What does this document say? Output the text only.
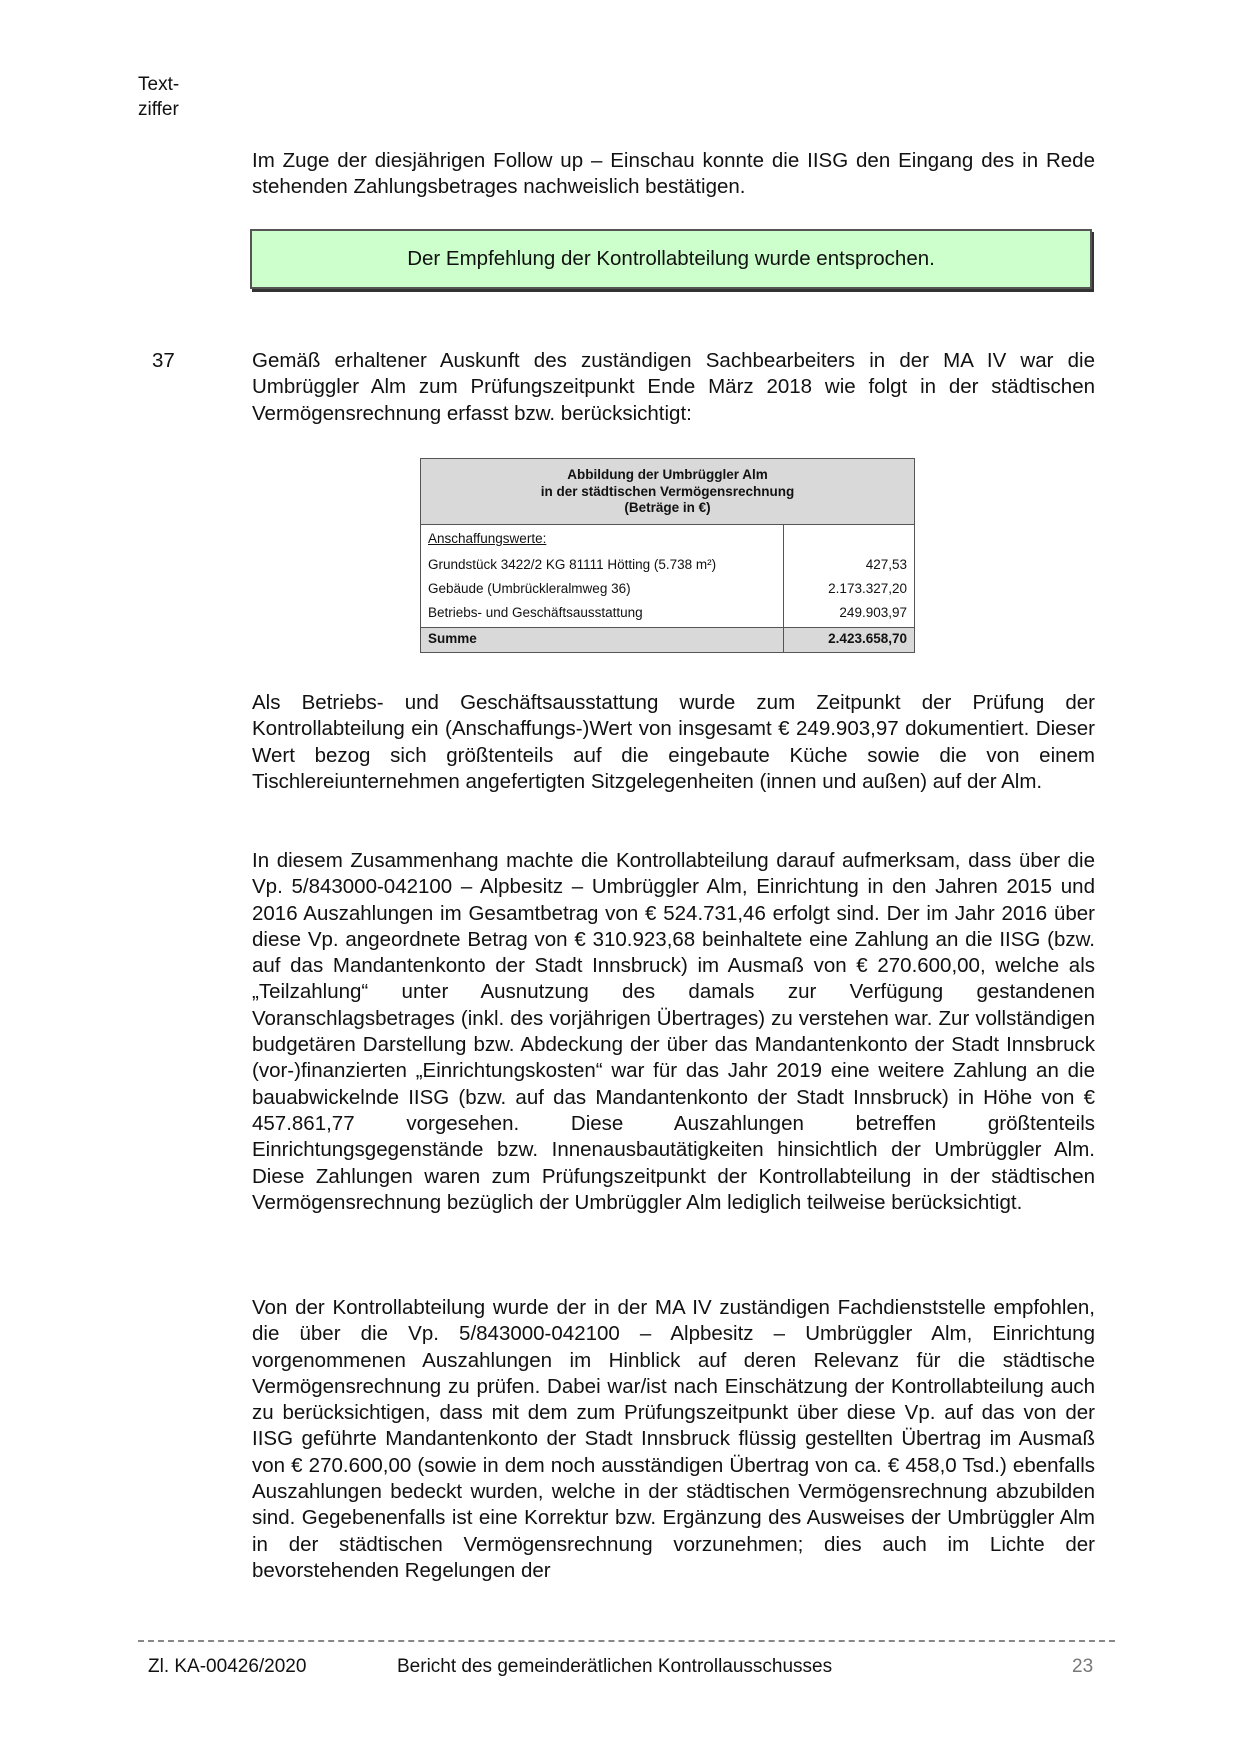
Text-
ziffer

Im Zuge der diesjährigen Follow up – Einschau konnte die IISG den Eingang des in Rede stehenden Zahlungsbetrages nachweislich bestätigen.

Der Empfehlung der Kontrollabteilung wurde entsprochen.
37	Gemäß erhaltener Auskunft des zuständigen Sachbearbeiters in der MA IV war die Umbrüggler Alm zum Prüfungszeitpunkt Ende März 2018 wie folgt in der städtischen Vermögensrechnung erfasst bzw. berücksichtigt:

Abbildung der Umbrüggler Alm
in der städtischen Vermögensrechnung
(Beträge in €)
Anschaffungswerte:
Grundstück 3422/2 KG 81111 Hötting (5.738 m²)	427,53
Gebäude (Umbrückleralmweg 36)	2.173.327,20
Betriebs- und Geschäftsausstattung	249.903,97
Summe	2.423.658,70

Als Betriebs- und Geschäftsausstattung wurde zum Zeitpunkt der Prüfung der Kontrollabteilung ein (Anschaffungs-)Wert von insgesamt € 249.903,97 dokumentiert. Dieser Wert bezog sich größtenteils auf die eingebaute Küche sowie die von einem Tischlereiunternehmen angefertigten Sitzgelegenheiten (innen und außen) auf der Alm.

In diesem Zusammenhang machte die Kontrollabteilung darauf aufmerksam, dass über die Vp. 5/843000-042100 – Alpbesitz – Umbrüggler Alm, Einrichtung in den Jahren 2015 und 2016 Auszahlungen im Gesamtbetrag von € 524.731,46 erfolgt sind. Der im Jahr 2016 über diese Vp. angeordnete Betrag von € 310.923,68 beinhaltete eine Zahlung an die IISG (bzw. auf das Mandantenkonto der Stadt Innsbruck) im Ausmaß von € 270.600,00, welche als „Teilzahlung“ unter Ausnutzung des damals zur Verfügung gestandenen Voranschlagsbetrages (inkl. des vorjährigen Übertrages) zu verstehen war. Zur vollständigen budgetären Darstellung bzw. Abdeckung der über das Mandantenkonto der Stadt Innsbruck (vor-)finanzierten „Einrichtungskosten“ war für das Jahr 2019 eine weitere Zahlung an die bauabwickelnde IISG (bzw. auf das Mandantenkonto der Stadt Innsbruck) in Höhe von € 457.861,77 vorgesehen. Diese Auszahlungen betreffen größtenteils Einrichtungsgegenstände bzw. Innenausbautätigkeiten hinsichtlich der Umbrüggler Alm. Diese Zahlungen waren zum Prüfungszeitpunkt der Kontrollabteilung in der städtischen Vermögensrechnung bezüglich der Umbrüggler Alm lediglich teilweise berücksichtigt.

Von der Kontrollabteilung wurde der in der MA IV zuständigen Fachdienststelle empfohlen, die über die Vp. 5/843000-042100 – Alpbesitz – Umbrüggler Alm, Einrichtung vorgenommenen Auszahlungen im Hinblick auf deren Relevanz für die städtische Vermögensrechnung zu prüfen. Dabei war/ist nach Einschätzung der Kontrollabteilung auch zu berücksichtigen, dass mit dem zum Prüfungszeitpunkt über diese Vp. auf das von der IISG geführte Mandantenkonto der Stadt Innsbruck flüssig gestellten Übertrag im Ausmaß von € 270.600,00 (sowie in dem noch ausständigen Übertrag von ca. € 458,0 Tsd.) ebenfalls Auszahlungen bedeckt wurden, welche in der städtischen Vermögensrechnung abzubilden sind. Gegebenenfalls ist eine Korrektur bzw. Ergänzung des Ausweises der Umbrüggler Alm in der städtischen Vermögensrechnung vorzunehmen; dies auch im Lichte der bevorstehenden Regelungen der

Zl. KA-00426/2020	Bericht des gemeinderätlichen Kontrollausschusses	23
